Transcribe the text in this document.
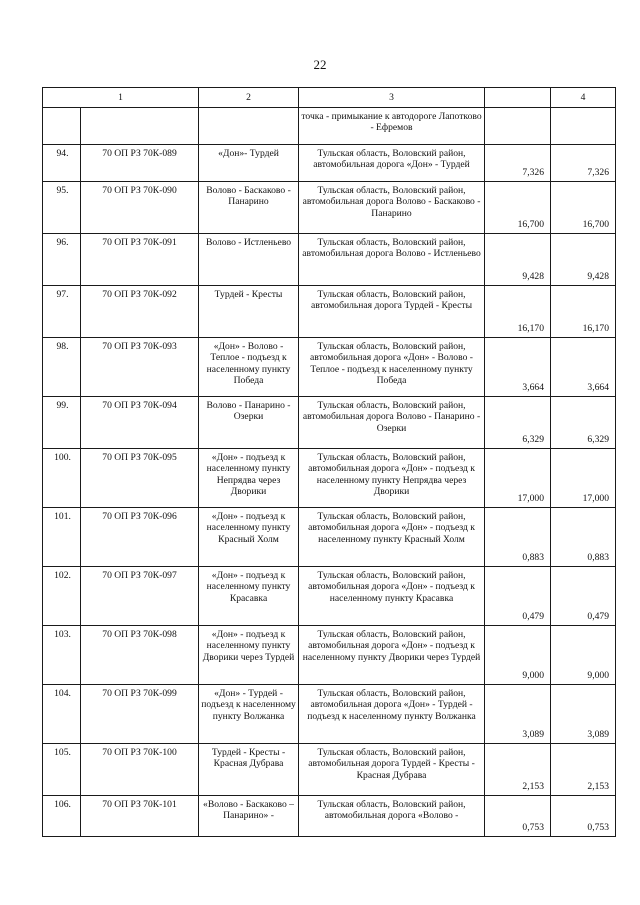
22
1		2	3		4
			точка - примыкание к автодороге Лапотково - Ефремов		
94.	70 ОП РЗ 70К-089	«Дон»- Турдей	Тульская область, Воловский район, автомобильная дорога «Дон» - Турдей	7,326	7,326
95.	70 ОП РЗ 70К-090	Волово - Баскаково - Панарино	Тульская область, Воловский район, автомобильная дорога Волово - Баскаково - Панарино	16,700	16,700
96.	70 ОП РЗ 70К-091	Волово - Истленьево	Тульская область, Воловский район, автомобильная дорога Волово - Истленьево	9,428	9,428
97.	70 ОП РЗ 70К-092	Турдей - Кресты	Тульская область, Воловский район, автомобильная дорога Турдей - Кресты	16,170	16,170
98.	70 ОП РЗ 70К-093	«Дон» - Волово - Теплое - подъезд к населенному пункту Победа	Тульская область, Воловский район, автомобильная дорога «Дон» - Волово - Теплое - подъезд к населенному пункту Победа	3,664	3,664
99.	70 ОП РЗ 70К-094	Волово - Панарино - Озерки	Тульская область, Воловский район, автомобильная дорога Волово - Панарино - Озерки	6,329	6,329
100.	70 ОП РЗ 70К-095	«Дон» - подъезд к населенному пункту Непрядва через Дворики	Тульская область, Воловский район, автомобильная дорога «Дон» - подъезд к населенному пункту Непрядва через Дворики	17,000	17,000
101.	70 ОП РЗ 70К-096	«Дон» - подъезд к населенному пункту Красный Холм	Тульская область, Воловский район, автомобильная дорога «Дон» - подъезд к населенному пункту Красный Холм	0,883	0,883
102.	70 ОП РЗ 70К-097	«Дон» - подъезд к населенному пункту Красавка	Тульская область, Воловский район, автомобильная дорога «Дон» - подъезд к населенному пункту Красавка	0,479	0,479
103.	70 ОП РЗ 70К-098	«Дон» - подъезд к населенному пункту Дворики через Турдей	Тульская область, Воловский район, автомобильная дорога «Дон» - подъезд к населенному пункту Дворики через Турдей	9,000	9,000
104.	70 ОП РЗ 70К-099	«Дон» - Турдей - подъезд к населенному пункту Волжанка	Тульская область, Воловский район, автомобильная дорога «Дон» - Турдей - подъезд к населенному пункту Волжанка	3,089	3,089
105.	70 ОП РЗ 70К-100	Турдей - Кресты - Красная Дубрава	Тульская область, Воловский район, автомобильная дорога Турдей - Кресты - Красная Дубрава	2,153	2,153
106.	70 ОП РЗ 70К-101	«Волово - Баскаково – Панарино» -	Тульская область, Воловский район, автомобильная дорога «Волово -	0,753	0,753
